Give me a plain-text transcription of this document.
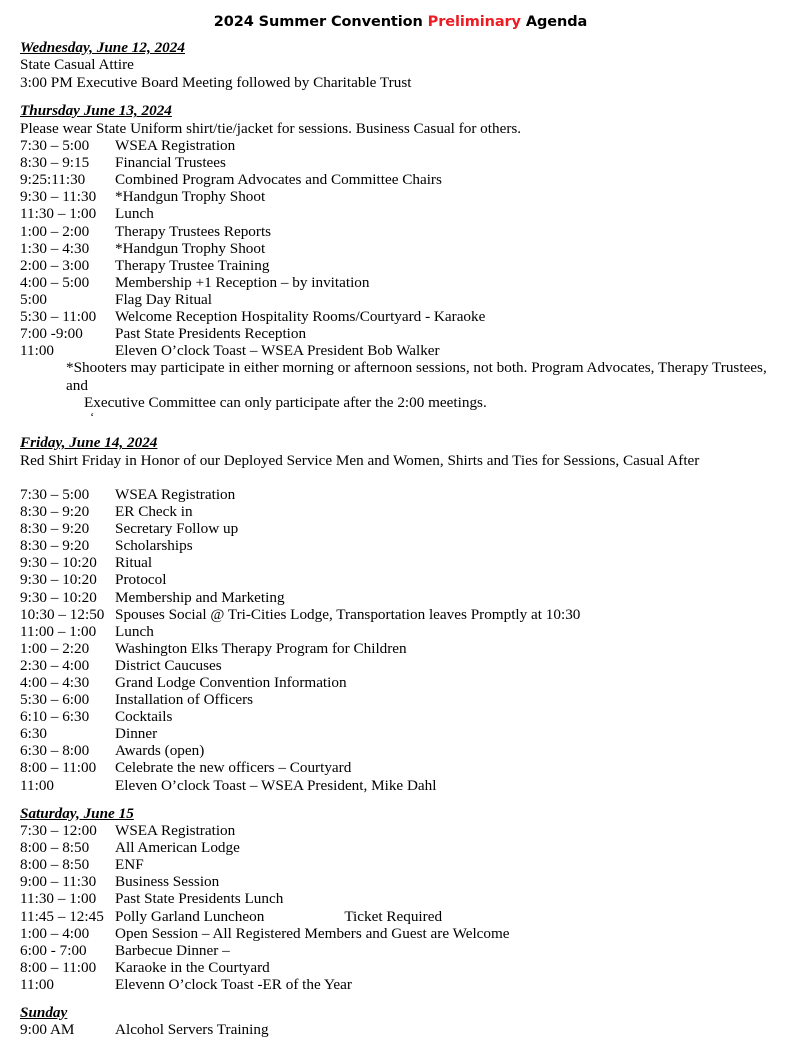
2024 Summer Convention Preliminary Agenda
Wednesday, June 12, 2024
State Casual Attire
3:00 PM Executive Board Meeting followed by Charitable Trust
Thursday June 13, 2024
Please wear State Uniform shirt/tie/jacket for sessions. Business Casual for others.
7:30 – 5:00	WSEA Registration
8:30 – 9:15	Financial Trustees
9:25:11:30	Combined Program Advocates and Committee Chairs
9:30 – 11:30	*Handgun Trophy Shoot
11:30 – 1:00	Lunch
1:00 – 2:00	Therapy Trustees Reports
1:30 – 4:30	*Handgun Trophy Shoot
2:00 – 3:00	Therapy Trustee Training
4:00 – 5:00	Membership +1 Reception – by invitation
5:00	Flag Day Ritual
5:30 – 11:00	Welcome Reception Hospitality Rooms/Courtyard - Karaoke
7:00 -9:00	Past State Presidents Reception
11:00	Eleven O’clock Toast – WSEA President Bob Walker
*Shooters may participate in either morning or afternoon sessions, not both. Program Advocates, Therapy Trustees, and
Executive Committee can only participate after the 2:00 meetings.
‘
Friday, June 14, 2024
Red Shirt Friday in Honor of our Deployed Service Men and Women, Shirts and Ties for Sessions, Casual After
7:30 – 5:00	WSEA Registration
8:30 – 9:20	ER Check in
8:30 – 9:20	Secretary Follow up
8:30 – 9:20	Scholarships
9:30 – 10:20	Ritual
9:30 – 10:20	Protocol
9:30 – 10:20	Membership and Marketing
10:30 – 12:50 Spouses Social @ Tri-Cities Lodge, Transportation leaves Promptly at 10:30
11:00 – 1:00	Lunch
1:00 – 2:20	Washington Elks Therapy Program for Children
2:30 – 4:00	District Caucuses
4:00 – 4:30	Grand Lodge Convention Information
5:30 – 6:00	Installation of Officers
6:10 – 6:30	Cocktails
6:30	Dinner
6:30 – 8:00	Awards (open)
8:00 – 11:00	Celebrate the new officers – Courtyard
11:00	Eleven O’clock Toast – WSEA President, Mike Dahl
Saturday, June 15
7:30 – 12:00	WSEA Registration
8:00 – 8:50	All American Lodge
8:00 – 8:50	ENF
9:00 – 11:30	Business Session
11:30 – 1:00	Past State Presidents Lunch
11:45 – 12:45 Polly Garland Luncheon	Ticket Required
1:00 – 4:00	Open Session – All Registered Members and Guest are Welcome
6:00 - 7:00	Barbecue Dinner –
8:00 – 11:00	Karaoke in the Courtyard
11:00	Elevenn O’clock Toast -ER of the Year
Sunday
9:00 AM	Alcohol Servers Training
